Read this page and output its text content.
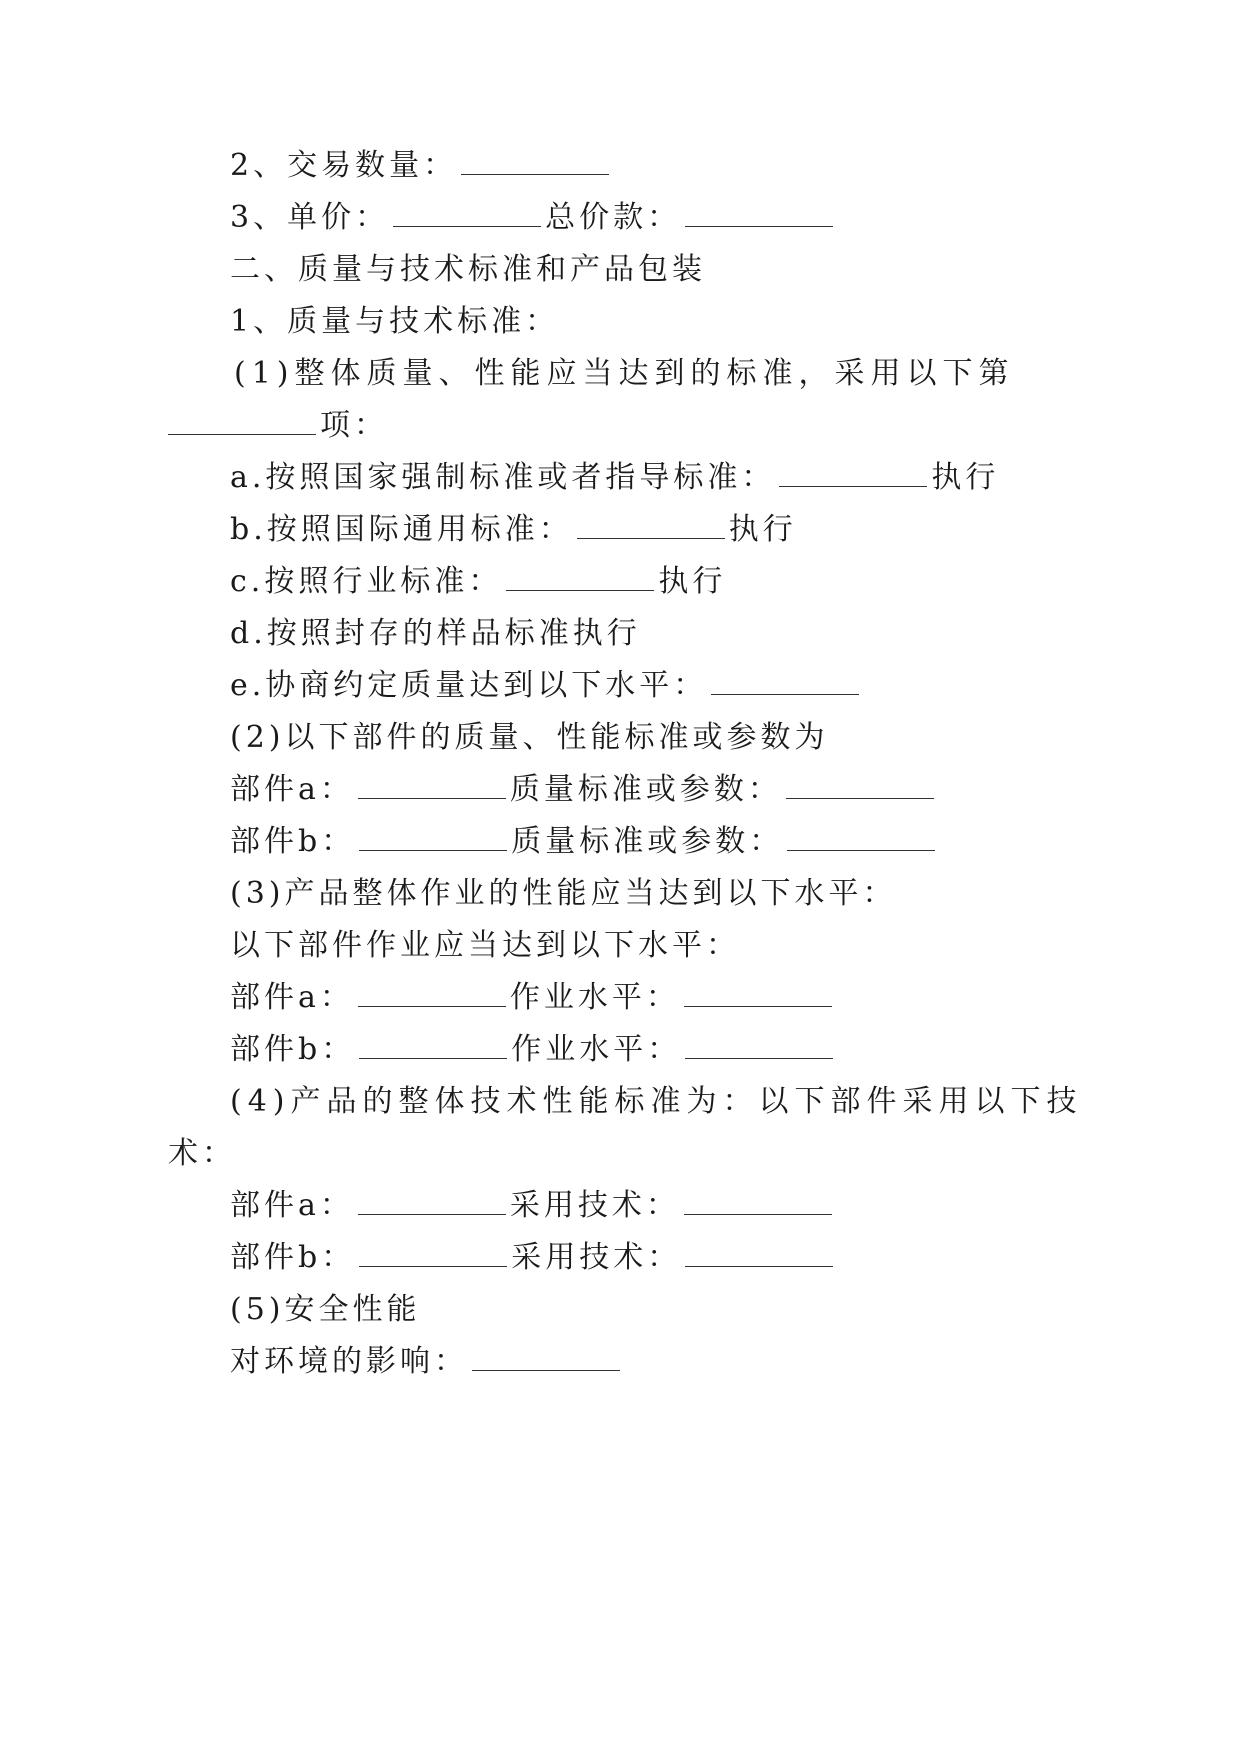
2、交易数量：
3、单价：	总价款：
二、质量与技术标准和产品包装
1、质量与技术标准：
(1)整体质量、性能应当达到的标准，采用以下第
项：
a.按照国家强制标准或者指导标准：	执行
b.按照国际通用标准：	执行
c.按照行业标准：	执行
d.按照封存的样品标准执行
e.协商约定质量达到以下水平：
(2)以下部件的质量、性能标准或参数为
部件a：	质量标准或参数：
部件b：	质量标准或参数：
(3)产品整体作业的性能应当达到以下水平：
以下部件作业应当达到以下水平：
部件a：	作业水平：
部件b：	作业水平：
(4)产品的整体技术性能标准为：以下部件采用以下技
术：
部件a：	采用技术：
部件b：	采用技术：
(5)安全性能
对环境的影响：
